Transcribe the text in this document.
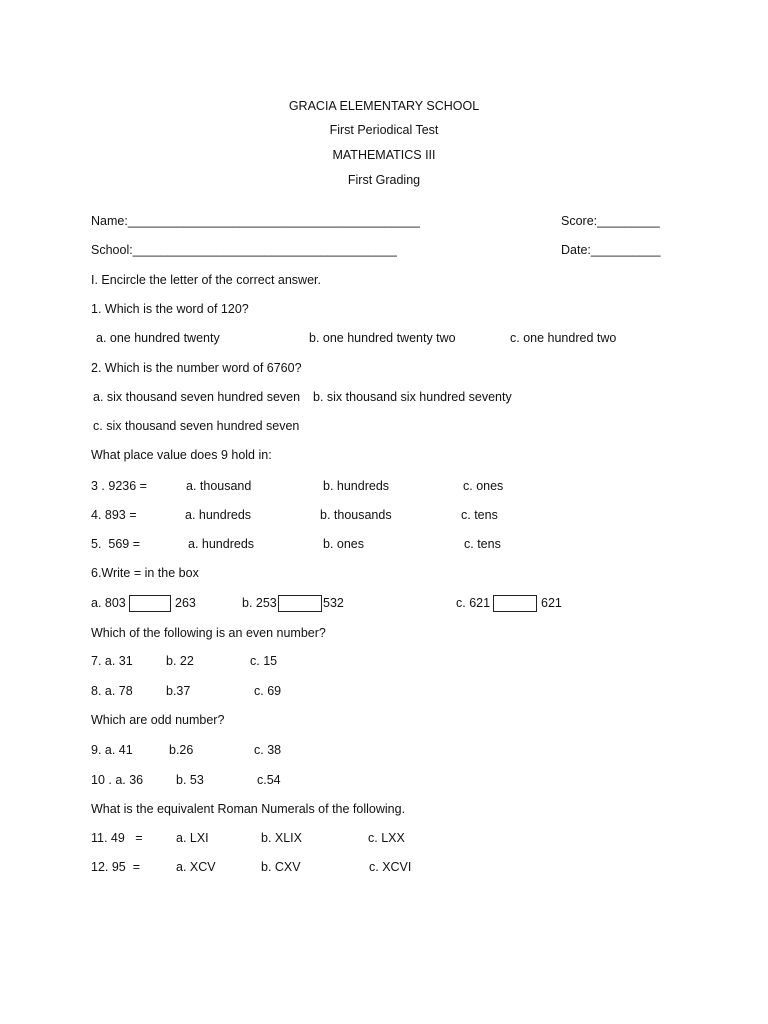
GRACIA ELEMENTARY SCHOOL
First Periodical Test
MATHEMATICS III
First Grading
Name:__________________________________________	Score:_________
School:______________________________________	Date:__________
I. Encircle the letter of the correct answer.
1. Which is the word of 120?
a. one hundred twenty	b. one hundred twenty two	c. one hundred two
2. Which is the number word of 6760?
a. six thousand seven hundred seven b. six thousand six hundred seventy
c. six thousand seven hundred seven
What place value does 9 hold in:
3 . 9236 =	a. thousand	b. hundreds	c. ones
4. 893 =	a. hundreds	b. thousands	c. tens
5.  569 =	a. hundreds	b. ones	c. tens
6.Write = in the box
a. 803	263	b. 253	532	c. 621	621
Which of the following is an even number?
7. a. 31	b. 22	c. 15
8. a. 78	b.37	c. 69
Which are odd number?
9. a. 41	b.26	c. 38
10 . a. 36	b. 53	c.54
What is the equivalent Roman Numerals of the following.
11. 49   =	a. LXI	b. XLIX	c. LXX
12. 95  =	a. XCV	b. CXV	c. XCVI
